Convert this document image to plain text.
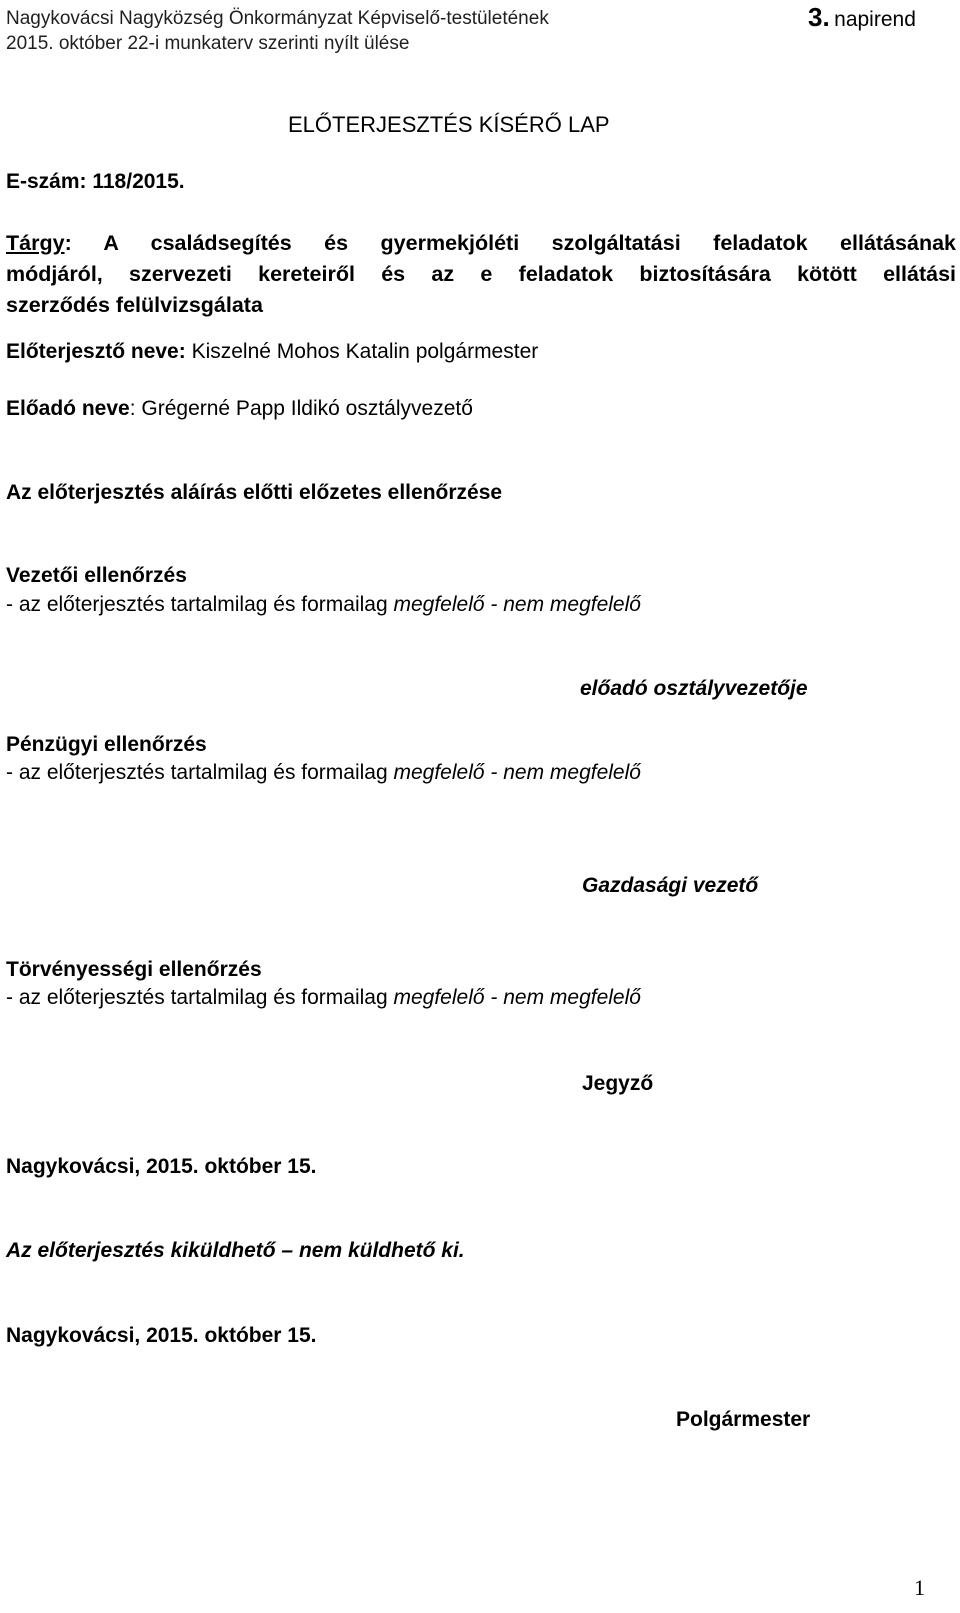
Nagykovácsi Nagyközség Önkormányzat Képviselő-testületének
2015. október 22-i munkaterv szerinti nyílt ülése
3. napirend
ELŐTERJESZTÉS KÍSÉRŐ LAP
E-szám: 118/2015.
Tárgy: A családsegítés és gyermekjóléti szolgáltatási feladatok ellátásának
módjáról, szervezeti kereteiről és az e feladatok biztosítására kötött ellátási
szerződés felülvizsgálata
Előterjesztő neve: Kiszelné Mohos Katalin polgármester
Előadó neve: Grégerné Papp Ildikó osztályvezető
Az előterjesztés aláírás előtti előzetes ellenőrzése
Vezetői ellenőrzés
- az előterjesztés tartalmilag és formailag megfelelő - nem megfelelő
előadó osztályvezetője
Pénzügyi ellenőrzés
- az előterjesztés tartalmilag és formailag megfelelő - nem megfelelő
Gazdasági vezető
Törvényességi ellenőrzés
- az előterjesztés tartalmilag és formailag megfelelő - nem megfelelő
Jegyző
Nagykovácsi, 2015. október 15.
Az előterjesztés kiküldhető – nem küldhető ki.
Nagykovácsi, 2015. október 15.
Polgármester
1
